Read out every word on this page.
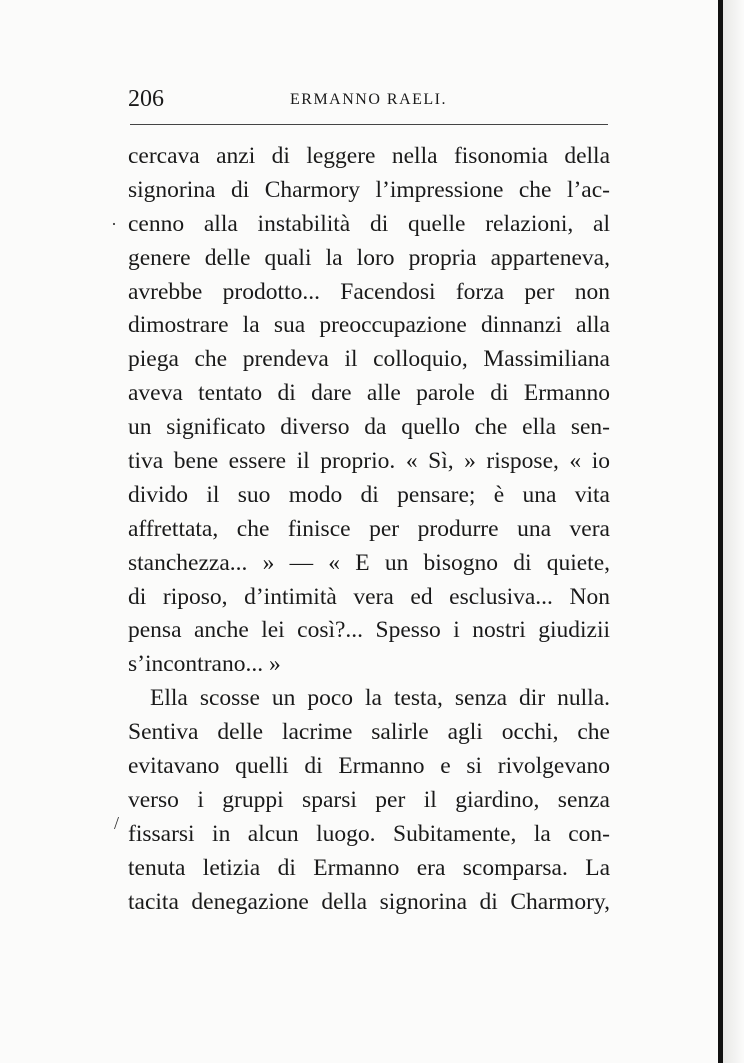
206	ERMANNO RAELI.
·
/
cercava anzi di leggere nella fisonomia della
signorina di Charmory l’impressione che l’ac-
cenno alla instabilità di quelle relazioni, al
genere delle quali la loro propria apparteneva,
avrebbe prodotto... Facendosi forza per non
dimostrare la sua preoccupazione dinnanzi alla
piega che prendeva il colloquio, Massimiliana
aveva tentato di dare alle parole di Ermanno
un significato diverso da quello che ella sen-
tiva bene essere il proprio. « Sì, » rispose, « io
divido il suo modo di pensare; è una vita
affrettata, che finisce per produrre una vera
stanchezza... » — « E un bisogno di quiete,
di riposo, d’intimità vera ed esclusiva... Non
pensa anche lei così?... Spesso i nostri giudizii
s’incontrano... »
Ella scosse un poco la testa, senza dir nulla.
Sentiva delle lacrime salirle agli occhi, che
evitavano quelli di Ermanno e si rivolgevano
verso i gruppi sparsi per il giardino, senza
fissarsi in alcun luogo. Subitamente, la con-
tenuta letizia di Ermanno era scomparsa. La
tacita denegazione della signorina di Charmory,
